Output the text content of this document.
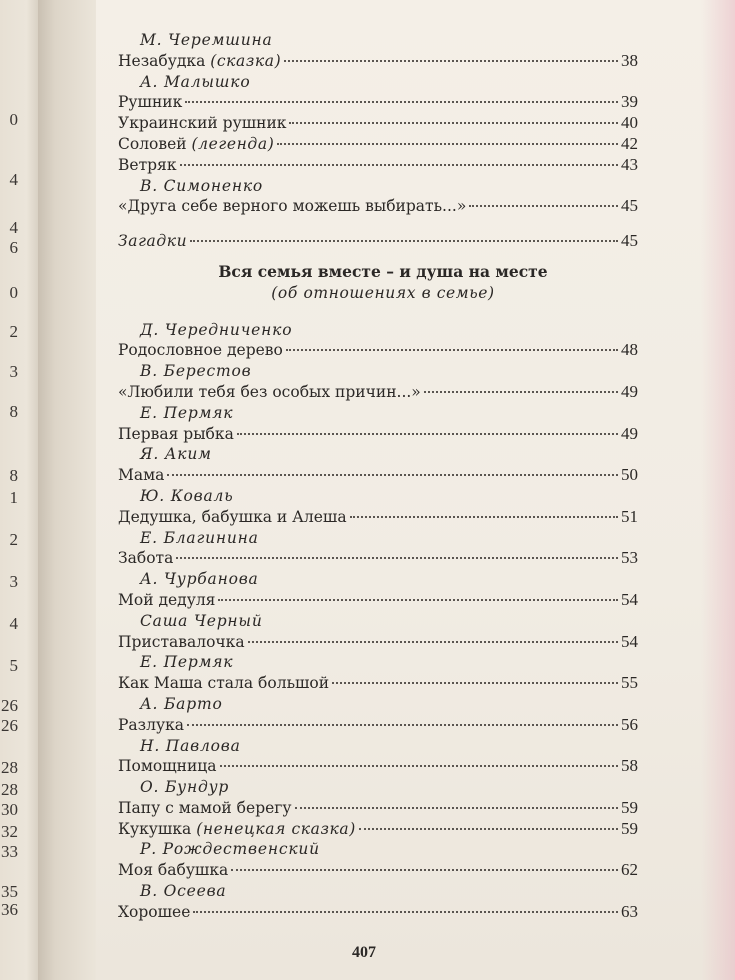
0
4
4
6
0
2
3
8
8
1
2
3
4
5
26
26
28
28
30
32
33
35
36
М. Черемшина
Незабудка (сказка)	38
А. Малышко
Рушник	39
Украинский рушник	40
Соловей (легенда)	42
Ветряк	43
В. Симоненко
«Друга себе верного можешь выбирать...»	45
Загадки	45
Вся семья вместе – и душа на месте
(об отношениях в семье)
Д. Чередниченко
Родословное дерево	48
В. Берестов
«Любили тебя без особых причин...»	49
Е. Пермяк
Первая рыбка	49
Я. Аким
Мама	50
Ю. Коваль
Дедушка, бабушка и Алеша	51
Е. Благинина
Забота	53
А. Чурбанова
Мой дедуля	54
Саша Черный
Приставалочка	54
Е. Пермяк
Как Маша стала большой	55
А. Барто
Разлука	56
Н. Павлова
Помощница	58
О. Бундур
Папу с мамой берегу	59
Кукушка (ненецкая сказка)	59
Р. Рождественский
Моя бабушка	62
В. Осеева
Хорошее	63
407
